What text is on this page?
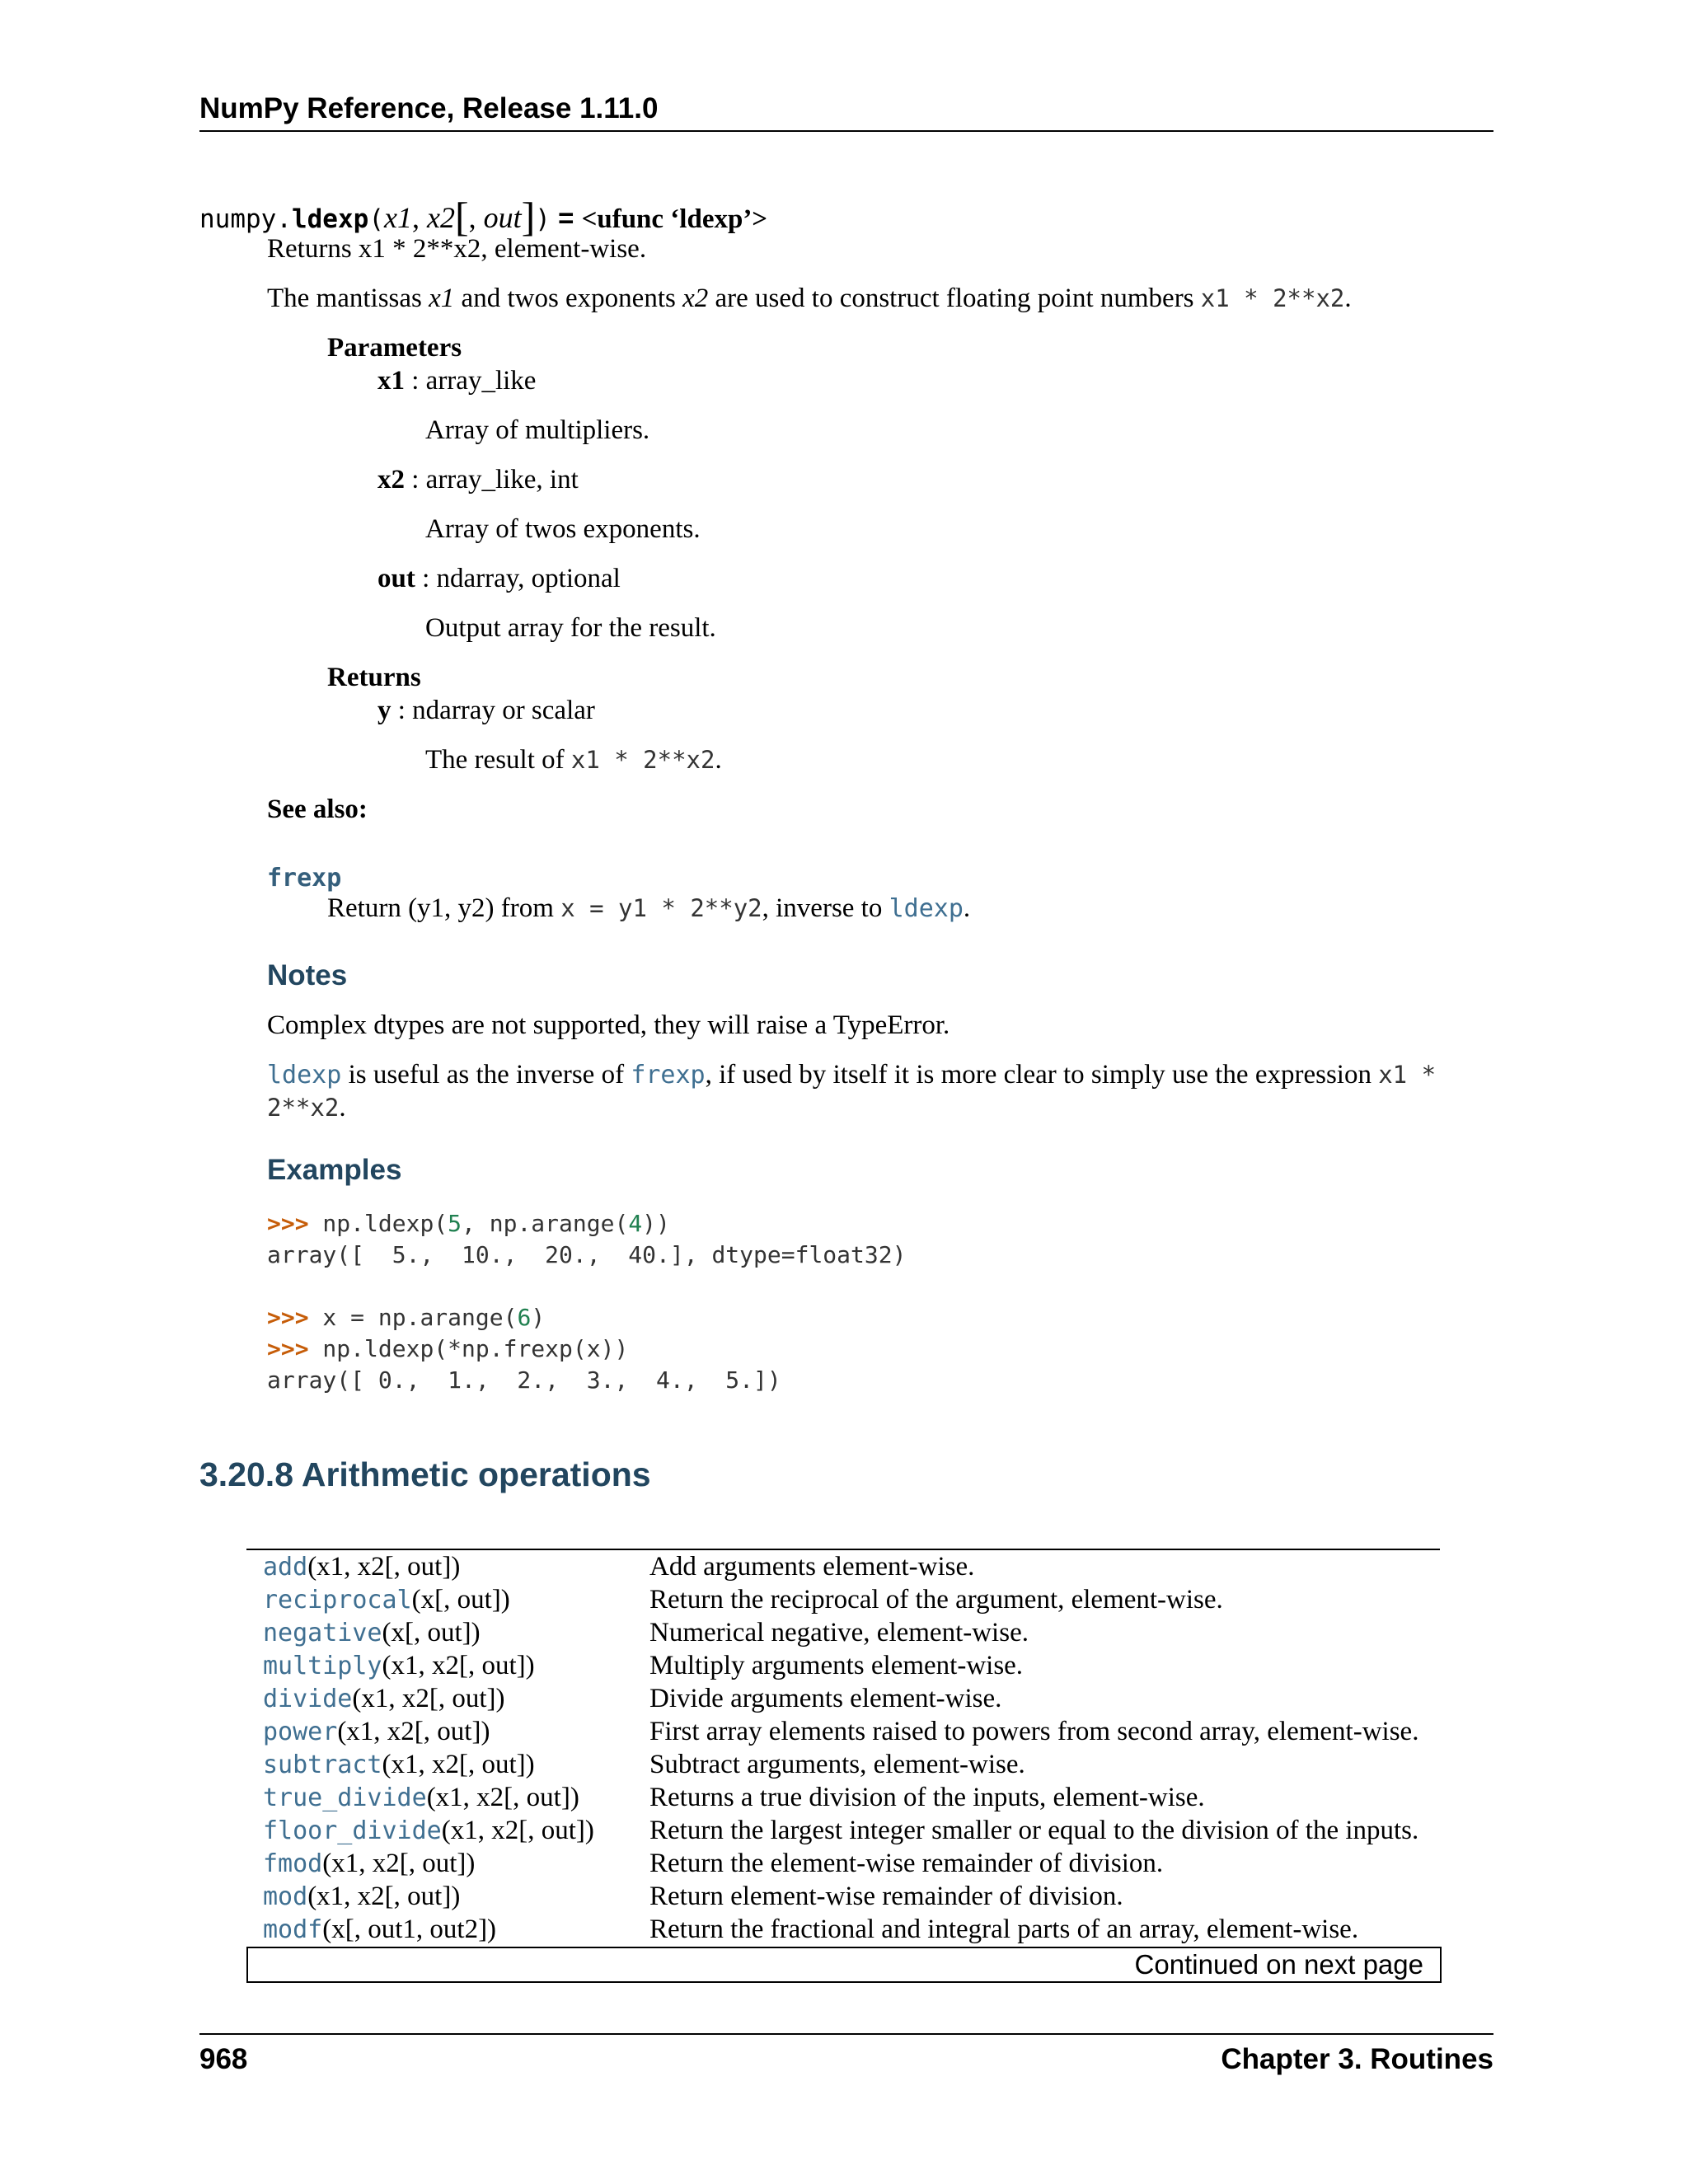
NumPy Reference, Release 1.11.0
numpy.ldexp(x1, x2[, out]) = <ufunc ‘ldexp’>
Returns x1 * 2**x2, element-wise.
The mantissas x1 and twos exponents x2 are used to construct floating point numbers x1 * 2**x2.
Parameters
x1 : array_like
Array of multipliers.
x2 : array_like, int
Array of twos exponents.
out : ndarray, optional
Output array for the result.
Returns
y : ndarray or scalar
The result of x1 * 2**x2.
See also:
frexp
Return (y1, y2) from x = y1 * 2**y2, inverse to ldexp.
Notes
Complex dtypes are not supported, they will raise a TypeError.
ldexp is useful as the inverse of frexp, if used by itself it is more clear to simply use the expression x1 *
2**x2.
Examples
>>> np.ldexp(5, np.arange(4))
array([  5.,  10.,  20.,  40.], dtype=float32)
>>> x = np.arange(6)
>>> np.ldexp(*np.frexp(x))
array([ 0.,  1.,  2.,  3.,  4.,  5.])
3.20.8 Arithmetic operations
add(x1, x2[, out])	Add arguments element-wise.
reciprocal(x[, out])	Return the reciprocal of the argument, element-wise.
negative(x[, out])	Numerical negative, element-wise.
multiply(x1, x2[, out])	Multiply arguments element-wise.
divide(x1, x2[, out])	Divide arguments element-wise.
power(x1, x2[, out])	First array elements raised to powers from second array, element-wise.
subtract(x1, x2[, out])	Subtract arguments, element-wise.
true_divide(x1, x2[, out])	Returns a true division of the inputs, element-wise.
floor_divide(x1, x2[, out]) Return the largest integer smaller or equal to the division of the inputs.
fmod(x1, x2[, out])	Return the element-wise remainder of division.
mod(x1, x2[, out])	Return element-wise remainder of division.
modf(x[, out1, out2])	Return the fractional and integral parts of an array, element-wise.
Continued on next page
968	Chapter 3. Routines
